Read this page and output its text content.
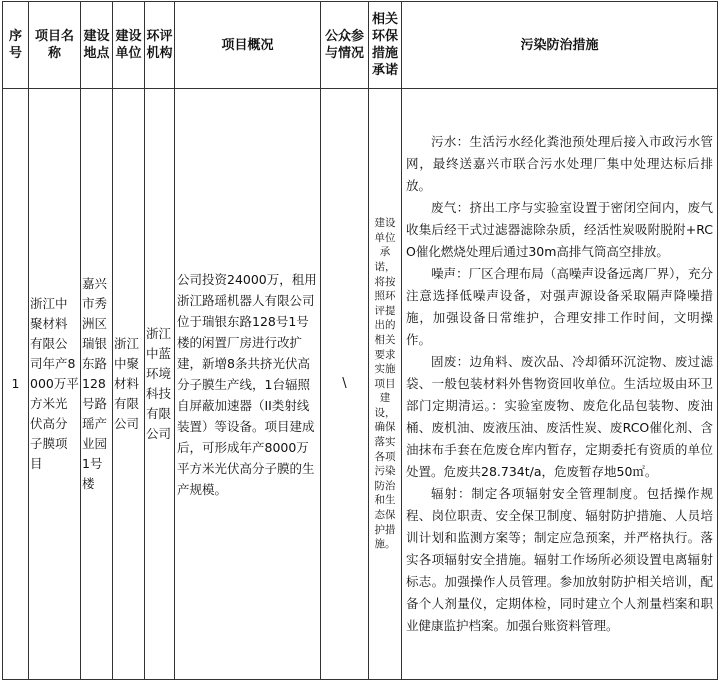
序号	项目名称	建设地点	建设单位	环评机构	项目概况	公众参与情况	相关环保措施承诺	污染防治措施
1	浙江中聚材料有限公司年产8000万平方米光伏高分子膜项目	嘉兴市秀洲区瑞银东路128号路瑶产业园1号楼	浙江中聚材料有限公司	浙江中蓝环境科技有限公司	公司投资24000万，租用浙江路瑶机器人有限公司位于瑞银东路128号1号楼的闲置厂房进行改扩建，新增8条共挤光伏高分子膜生产线，1台辐照自屏蔽加速器（II类射线装置）等设备。项目建成后，可形成年产8000万平方米光伏高分子膜的生产规模。	\	建设单位承诺，将按照环评提出的相关要求实施项目建设，确保落实各项污染防治和生态保护措施。	污水：生活污水经化粪池预处理后接入市政污水管网，最终送嘉兴市联合污水处理厂集中处理达标后排放。

废气：挤出工序与实验室设置于密闭空间内，废气收集后经干式过滤器滤除杂质，经活性炭吸附脱附+RCO催化燃烧处理后通过30m高排气筒高空排放。

噪声：厂区合理布局（高噪声设备远离厂界），充分注意选择低噪声设备，对强声源设备采取隔声降噪措施，加强设备日常维护，合理安排工作时间，文明操作。

固废：边角料、废次品、冷却循环沉淀物、废过滤袋、一般包装材料外售物资回收单位。生活垃圾由环卫部门定期清运。：实验室废物、废危化品包装物、废油桶、废机油、废液压油、废活性炭、废RCO催化剂、含油抹布手套在危废仓库内暂存，定期委托有资质的单位处置。危废共28.734t/a，危废暂存地50㎡。

辐射：制定各项辐射安全管理制度。包括操作规程、岗位职责、安全保卫制度、辐射防护措施、人员培训计划和监测方案等；制定应急预案，并严格执行。落实各项辐射安全措施。辐射工作场所必须设置电离辐射标志。加强操作人员管理。参加放射防护相关培训，配备个人剂量仪，定期体检，同时建立个人剂量档案和职业健康监护档案。加强台账资料管理。
